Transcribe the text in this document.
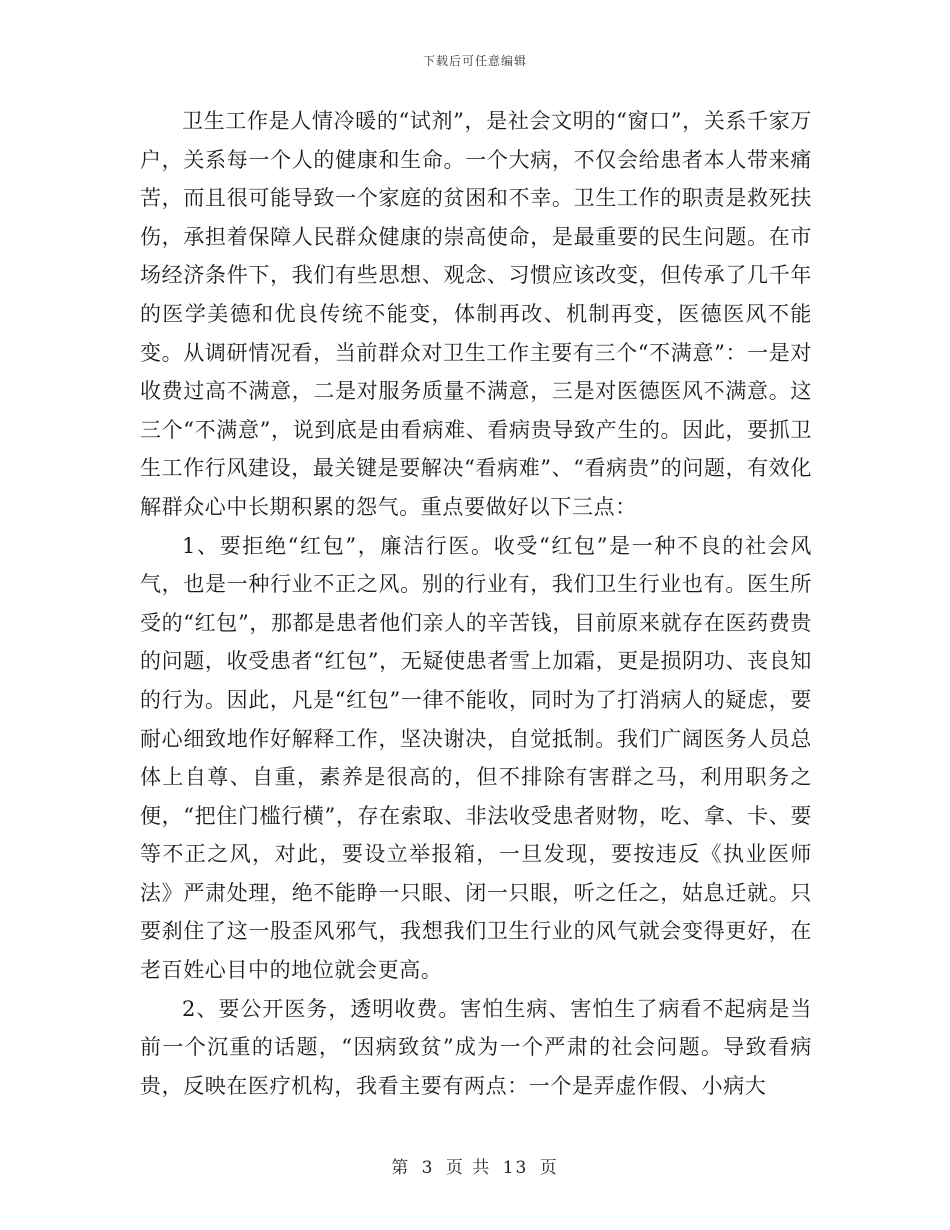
下载后可任意编辑

卫生工作是人情冷暖的“试剂”，是社会文明的“窗口”，关系千家万户，关系每一个人的健康和生命。一个大病，不仅会给患者本人带来痛苦，而且很可能导致一个家庭的贫困和不幸。卫生工作的职责是救死扶伤，承担着保障人民群众健康的崇高使命，是最重要的民生问题。在市场经济条件下，我们有些思想、观念、习惯应该改变，但传承了几千年的医学美德和优良传统不能变，体制再改、机制再变，医德医风不能变。从调研情况看，当前群众对卫生工作主要有三个“不满意”：一是对收费过高不满意，二是对服务质量不满意，三是对医德医风不满意。这三个“不满意”，说到底是由看病难、看病贵导致产生的。因此，要抓卫生工作行风建设，最关键是要解决“看病难”、“看病贵”的问题，有效化解群众心中长期积累的怨气。重点要做好以下三点：

1、要拒绝“红包”，廉洁行医。收受“红包”是一种不良的社会风气，也是一种行业不正之风。别的行业有，我们卫生行业也有。医生所受的“红包”，那都是患者他们亲人的辛苦钱，目前原来就存在医药费贵的问题，收受患者“红包”，无疑使患者雪上加霜，更是损阴功、丧良知的行为。因此，凡是“红包”一律不能收，同时为了打消病人的疑虑，要耐心细致地作好解释工作，坚决谢决，自觉抵制。我们广阔医务人员总体上自尊、自重，素养是很高的，但不排除有害群之马，利用职务之便，“把住门槛行横”，存在索取、非法收受患者财物，吃、拿、卡、要等不正之风，对此，要设立举报箱，一旦发现，要按违反《执业医师法》严肃处理，绝不能睁一只眼、闭一只眼，听之任之，姑息迁就。只要刹住了这一股歪风邪气，我想我们卫生行业的风气就会变得更好，在老百姓心目中的地位就会更高。

2、要公开医务，透明收费。害怕生病、害怕生了病看不起病是当前一个沉重的话题，“因病致贫”成为一个严肃的社会问题。导致看病贵，反映在医疗机构，我看主要有两点：一个是弄虚作假、小病大

第 3 页 共 13 页
